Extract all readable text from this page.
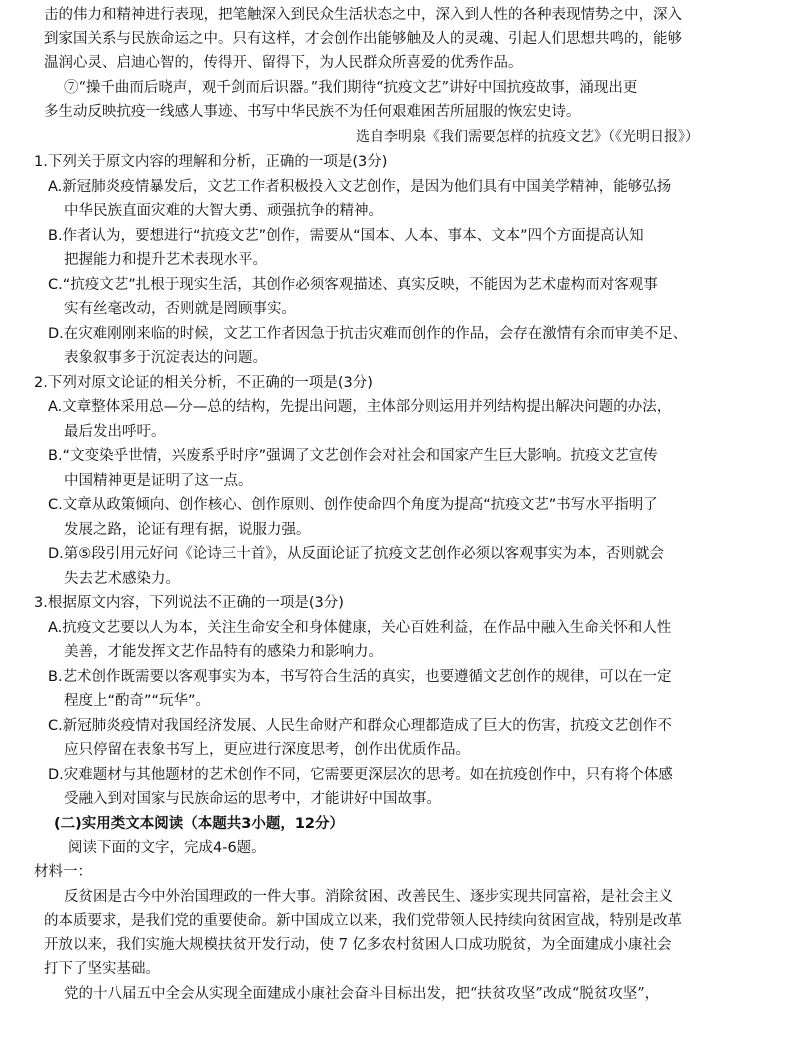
击的伟力和精神进行表现，把笔触深入到民众生活状态之中，深入到人性的各种表现情势之中，深入
到家国关系与民族命运之中。只有这样，才会创作出能够触及人的灵魂、引起人们思想共鸣的，能够
温润心灵、启迪心智的，传得开、留得下，为人民群众所喜爱的优秀作品。
⑦“操千曲而后晓声，观千剑而后识器。”我们期待“抗疫文艺”讲好中国抗疫故事，涌现出更
多生动反映抗疫一线感人事迹、书写中华民族不为任何艰难困苦所屈服的恢宏史诗。
选自李明泉《我们需要怎样的抗疫文艺》（《光明日报》）
1.下列关于原文内容的理解和分析，正确的一项是(3分)
A.新冠肺炎疫情暴发后，文艺工作者积极投入文艺创作，是因为他们具有中国美学精神，能够弘扬
中华民族直面灾难的大智大勇、顽强抗争的精神。
B.作者认为，要想进行“抗疫文艺”创作，需要从“国本、人本、事本、文本”四个方面提高认知
把握能力和提升艺术表现水平。
C.“抗疫文艺”扎根于现实生活，其创作必须客观描述、真实反映，不能因为艺术虚构而对客观事
实有丝毫改动，否则就是罔顾事实。
D.在灾难刚刚来临的时候，文艺工作者因急于抗击灾难而创作的作品，会存在激情有余而审美不足、
表象叙事多于沉淀表达的问题。
2.下列对原文论证的相关分析，不正确的一项是(3分)
A.文章整体采用总—分—总的结构，先提出问题，主体部分则运用并列结构提出解决问题的办法，
最后发出呼吁。
B.“文变染乎世情，兴废系乎时序”强调了文艺创作会对社会和国家产生巨大影响。抗疫文艺宣传
中国精神更是证明了这一点。
C.文章从政策倾向、创作核心、创作原则、创作使命四个角度为提高“抗疫文艺”书写水平指明了
发展之路，论证有理有据，说服力强。
D.第⑤段引用元好问《论诗三十首》，从反面论证了抗疫文艺创作必须以客观事实为本，否则就会
失去艺术感染力。
3.根据原文内容，下列说法不正确的一项是(3分)
A.抗疫文艺要以人为本，关注生命安全和身体健康，关心百姓利益，在作品中融入生命关怀和人性
美善，才能发挥文艺作品特有的感染力和影响力。
B.艺术创作既需要以客观事实为本，书写符合生活的真实，也要遵循文艺创作的规律，可以在一定
程度上“酌奇”“玩华”。
C.新冠肺炎疫情对我国经济发展、人民生命财产和群众心理都造成了巨大的伤害，抗疫文艺创作不
应只停留在表象书写上，更应进行深度思考，创作出优质作品。
D.灾难题材与其他题材的艺术创作不同，它需要更深层次的思考。如在抗疫创作中，只有将个体感
受融入到对国家与民族命运的思考中，才能讲好中国故事。
(二)实用类文本阅读（本题共3小题，12分）
阅读下面的文字，完成4-6题。
材料一：
反贫困是古今中外治国理政的一件大事。消除贫困、改善民生、逐步实现共同富裕，是社会主义
的本质要求，是我们党的重要使命。新中国成立以来，我们党带领人民持续向贫困宣战，特别是改革
开放以来，我们实施大规模扶贫开发行动，使 7 亿多农村贫困人口成功脱贫，为全面建成小康社会
打下了坚实基础。
党的十八届五中全会从实现全面建成小康社会奋斗目标出发，把“扶贫攻坚”改成“脱贫攻坚”，
